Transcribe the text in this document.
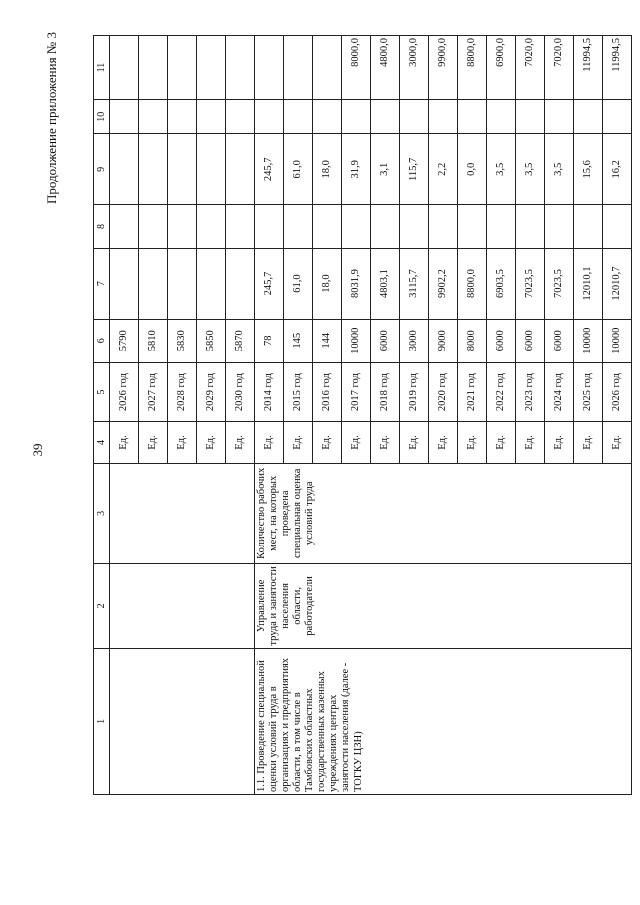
39
Продолжение приложения № 3
1	2	3	4	5	6	7	8	9	10	11
			Ед.	2026 год	5790					
			Ед.	2027 год	5810					
			Ед.	2028 год	5830					
			Ед.	2029 год	5850					
			Ед.	2030 год	5870					
1.1. Проведение специальной оценки условий труда в организациях и предприятиях области, в том числе в Тамбовских областных государственных казенных учреждениях центрах занятости населения (далее - ТОГКУ ЦЗН)	Управление труда и занятости населения области, работодатели	Количество рабочих мест, на которых проведена специальная оценка условий труда	Ед.	2014 год	78	245,7		245,7		
			Ед.	2015 год	145	61,0		61,0		
			Ед.	2016 год	144	18,0		18,0		
			Ед.	2017 год	10000	8031,9		31,9		8000,0
			Ед.	2018 год	6000	4803,1		3,1		4800,0
			Ед.	2019 год	3000	3115,7		115,7		3000,0
			Ед.	2020 год	9000	9902,2		2,2		9900,0
			Ед.	2021 год	8000	8800,0		0,0		8800,0
			Ед.	2022 год	6000	6903,5		3,5		6900,0
			Ед.	2023 год	6000	7023,5		3,5		7020,0
			Ед.	2024 год	6000	7023,5		3,5		7020,0
			Ед.	2025 год	10000	12010,1		15,6		11994,5
			Ед.	2026 год	10000	12010,7		16,2		11994,5
